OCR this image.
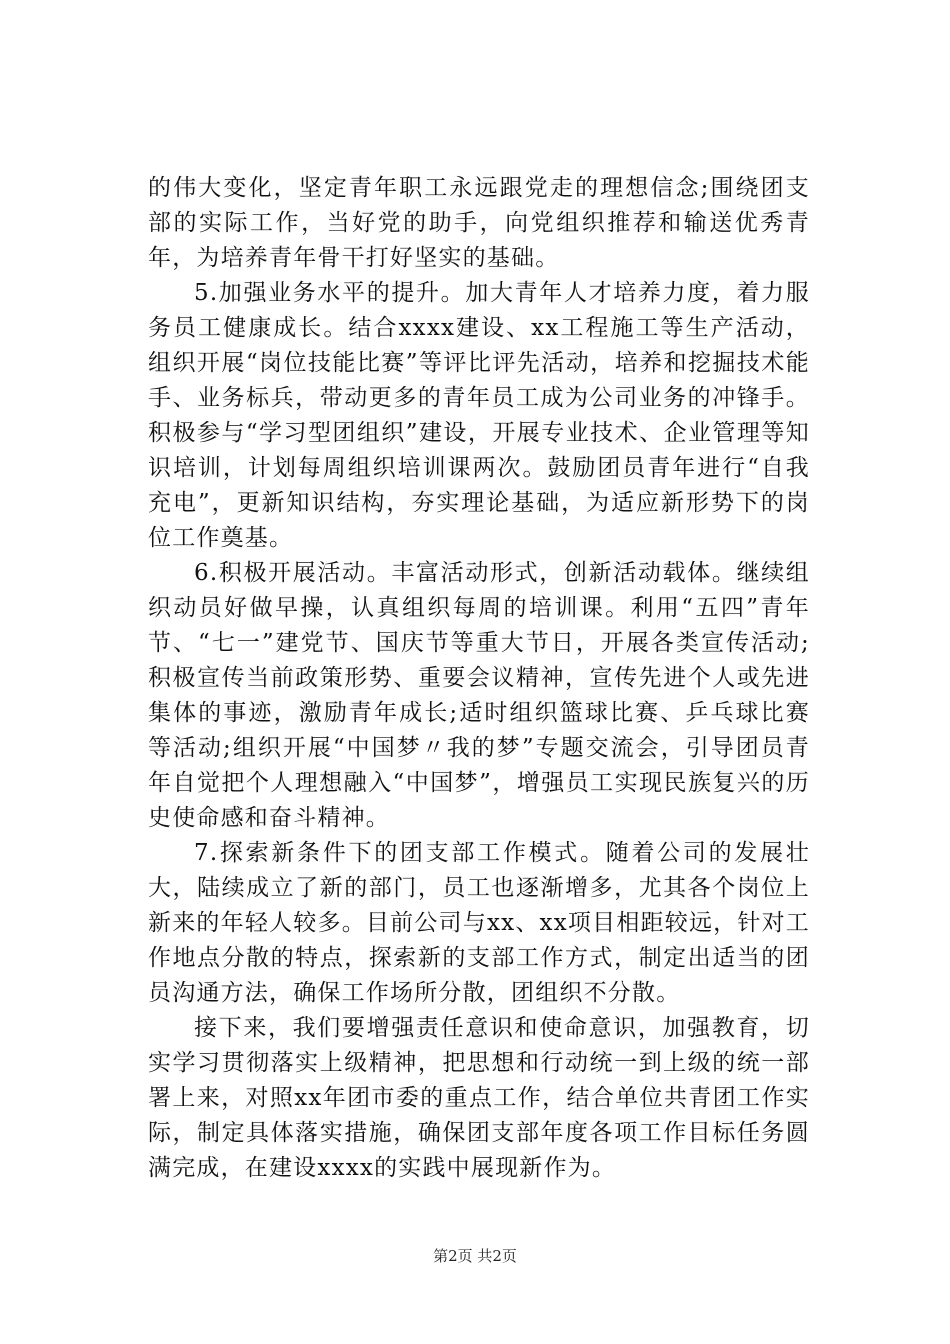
的伟大变化，坚定青年职工永远跟党走的理想信念;围绕团支部的实际工作，当好党的助手，向党组织推荐和输送优秀青年，为培养青年骨干打好坚实的基础。

5.加强业务水平的提升。加大青年人才培养力度，着力服务员工健康成长。结合xxxx建设、xx工程施工等生产活动，组织开展“岗位技能比赛”等评比评先活动，培养和挖掘技术能手、业务标兵，带动更多的青年员工成为公司业务的冲锋手。积极参与“学习型团组织”建设，开展专业技术、企业管理等知识培训，计划每周组织培训课两次。鼓励团员青年进行“自我充电”，更新知识结构，夯实理论基础，为适应新形势下的岗位工作奠基。

6.积极开展活动。丰富活动形式，创新活动载体。继续组织动员好做早操，认真组织每周的培训课。利用“五四”青年节、“七一”建党节、国庆节等重大节日，开展各类宣传活动;积极宣传当前政策形势、重要会议精神，宣传先进个人或先进集体的事迹，激励青年成长;适时组织篮球比赛、乒乓球比赛等活动;组织开展“中国梦〃我的梦”专题交流会，引导团员青年自觉把个人理想融入“中国梦”，增强员工实现民族复兴的历史使命感和奋斗精神。

7.探索新条件下的团支部工作模式。随着公司的发展壮大，陆续成立了新的部门，员工也逐渐增多，尤其各个岗位上新来的年轻人较多。目前公司与xx、xx项目相距较远，针对工作地点分散的特点，探索新的支部工作方式，制定出适当的团员沟通方法，确保工作场所分散，团组织不分散。

接下来，我们要增强责任意识和使命意识，加强教育，切实学习贯彻落实上级精神，把思想和行动统一到上级的统一部署上来，对照xx年团市委的重点工作，结合单位共青团工作实际，制定具体落实措施，确保团支部年度各项工作目标任务圆满完成，在建设xxxx的实践中展现新作为。

第2页 共2页
